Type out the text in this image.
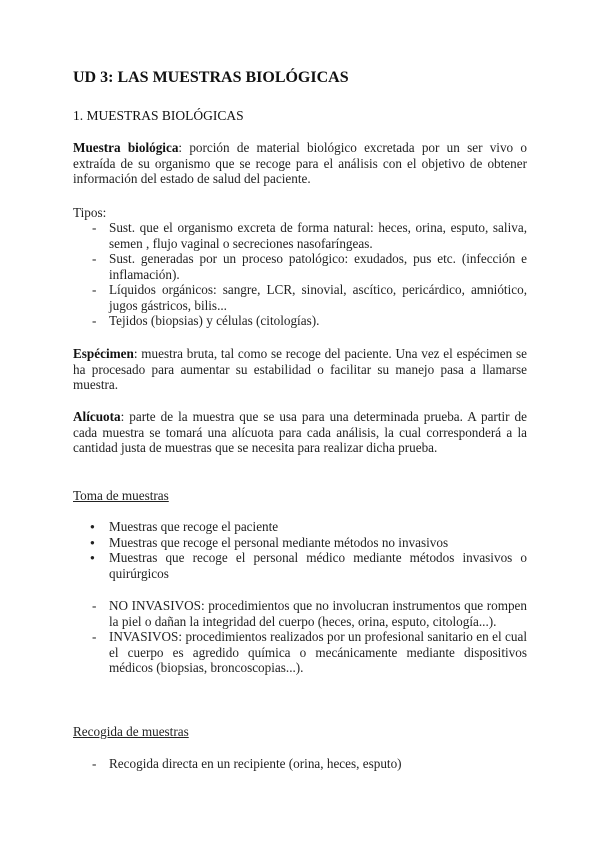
UD 3: LAS MUESTRAS BIOLÓGICAS
1. MUESTRAS BIOLÓGICAS
Muestra biológica: porción de material biológico excretada por un ser vivo o extraída de su organismo que se recoge para el análisis con el objetivo de obtener información del estado de salud del paciente.
Tipos:
- Sust. que el organismo excreta de forma natural: heces, orina, esputo, saliva, semen , flujo vaginal o secreciones nasofaríngeas.
- Sust. generadas por un proceso patológico: exudados, pus etc. (infección e inflamación).
- Líquidos orgánicos: sangre, LCR, sinovial, ascítico, pericárdico, amniótico, jugos gástricos, bilis...
- Tejidos (biopsias) y células (citologías).
Espécimen: muestra bruta, tal como se recoge del paciente. Una vez el espécimen se ha procesado para aumentar su estabilidad o facilitar su manejo pasa a llamarse muestra.
Alícuota: parte de la muestra que se usa para una determinada prueba. A partir de cada muestra se tomará una alícuota para cada análisis, la cual corresponderá a la cantidad justa de muestras que se necesita para realizar dicha prueba.
Toma de muestras
● Muestras que recoge el paciente
● Muestras que recoge el personal mediante métodos no invasivos
● Muestras que recoge el personal médico mediante métodos invasivos o quirúrgicos
- NO INVASIVOS: procedimientos que no involucran instrumentos que rompen la piel o dañan la integridad del cuerpo (heces, orina, esputo, citología...).
- INVASIVOS: procedimientos realizados por un profesional sanitario en el cual el cuerpo es agredido química o mecánicamente mediante dispositivos médicos (biopsias, broncoscopias...).
Recogida de muestras
- Recogida directa en un recipiente (orina, heces, esputo)
